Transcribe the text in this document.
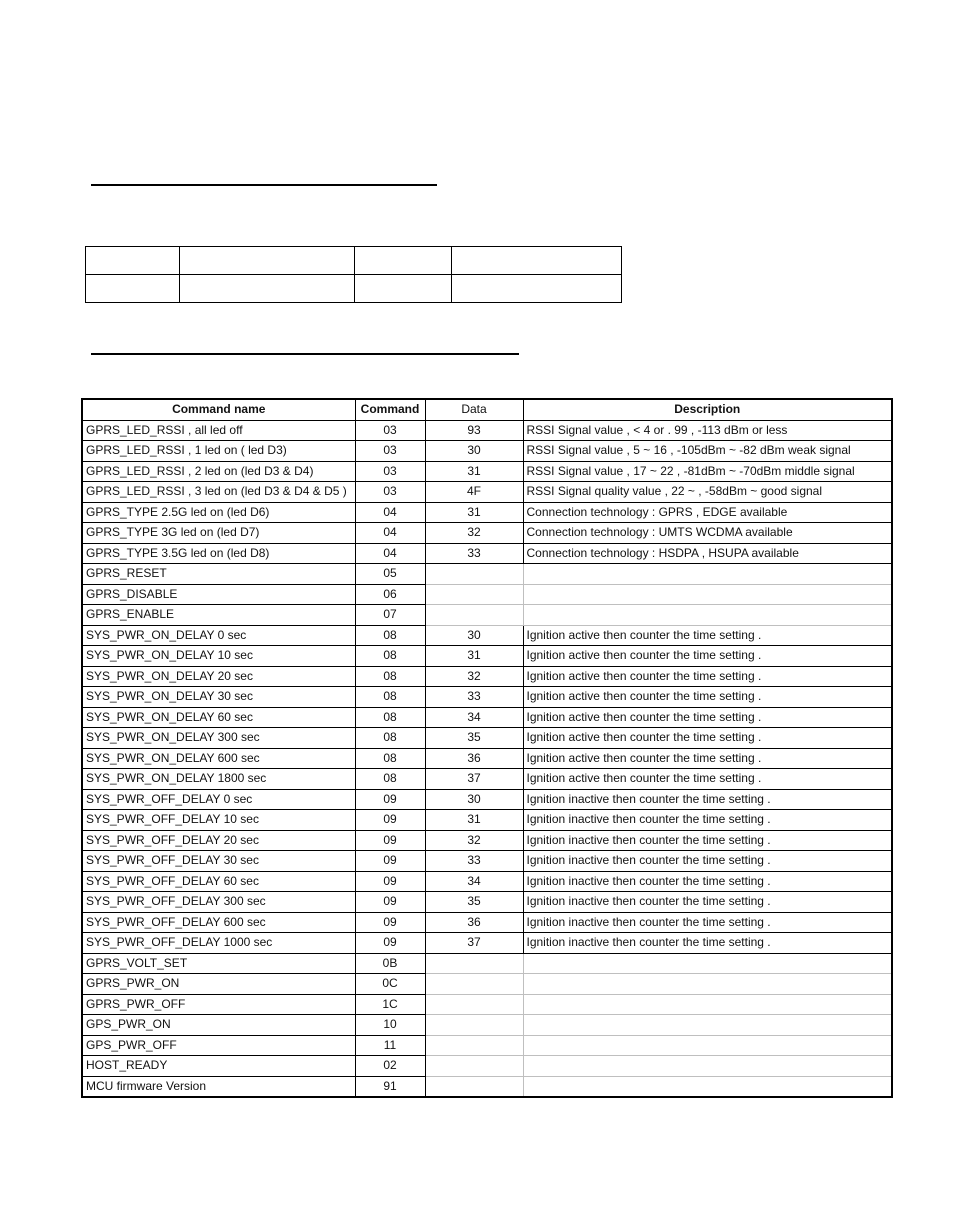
Command name	Command	Data	Description
GPRS_LED_RSSI , all led off	03	93	RSSI Signal value , < 4 or . 99 , -113 dBm or less
GPRS_LED_RSSI , 1 led on ( led D3)	03	30	RSSI Signal value , 5 ~ 16 , -105dBm ~ -82 dBm weak signal
GPRS_LED_RSSI , 2 led on (led D3 & D4)	03	31	RSSI Signal value , 17 ~ 22 , -81dBm ~ -70dBm middle signal
GPRS_LED_RSSI , 3 led on (led D3 & D4 & D5 )	03	4F	RSSI Signal quality value , 22 ~ , -58dBm ~ good signal
GPRS_TYPE 2.5G led on (led D6)	04	31	Connection technology : GPRS , EDGE available
GPRS_TYPE 3G led on (led D7)	04	32	Connection technology : UMTS WCDMA available
GPRS_TYPE 3.5G led on (led D8)	04	33	Connection technology : HSDPA , HSUPA available
GPRS_RESET	05		
GPRS_DISABLE	06		
GPRS_ENABLE	07		
SYS_PWR_ON_DELAY 0 sec	08	30	Ignition active then counter the time setting .
SYS_PWR_ON_DELAY 10 sec	08	31	Ignition active then counter the time setting .
SYS_PWR_ON_DELAY 20 sec	08	32	Ignition active then counter the time setting .
SYS_PWR_ON_DELAY 30 sec	08	33	Ignition active then counter the time setting .
SYS_PWR_ON_DELAY 60 sec	08	34	Ignition active then counter the time setting .
SYS_PWR_ON_DELAY 300 sec	08	35	Ignition active then counter the time setting .
SYS_PWR_ON_DELAY 600 sec	08	36	Ignition active then counter the time setting .
SYS_PWR_ON_DELAY 1800 sec	08	37	Ignition active then counter the time setting .
SYS_PWR_OFF_DELAY 0 sec	09	30	Ignition inactive then counter the time setting .
SYS_PWR_OFF_DELAY 10 sec	09	31	Ignition inactive then counter the time setting .
SYS_PWR_OFF_DELAY 20 sec	09	32	Ignition inactive then counter the time setting .
SYS_PWR_OFF_DELAY 30 sec	09	33	Ignition inactive then counter the time setting .
SYS_PWR_OFF_DELAY 60 sec	09	34	Ignition inactive then counter the time setting .
SYS_PWR_OFF_DELAY 300 sec	09	35	Ignition inactive then counter the time setting .
SYS_PWR_OFF_DELAY 600 sec	09	36	Ignition inactive then counter the time setting .
SYS_PWR_OFF_DELAY 1000 sec	09	37	Ignition inactive then counter the time setting .
GPRS_VOLT_SET	0B		
GPRS_PWR_ON	0C		
GPRS_PWR_OFF	1C		
GPS_PWR_ON	10		
GPS_PWR_OFF	11		
HOST_READY	02		
MCU firmware Version	91		
